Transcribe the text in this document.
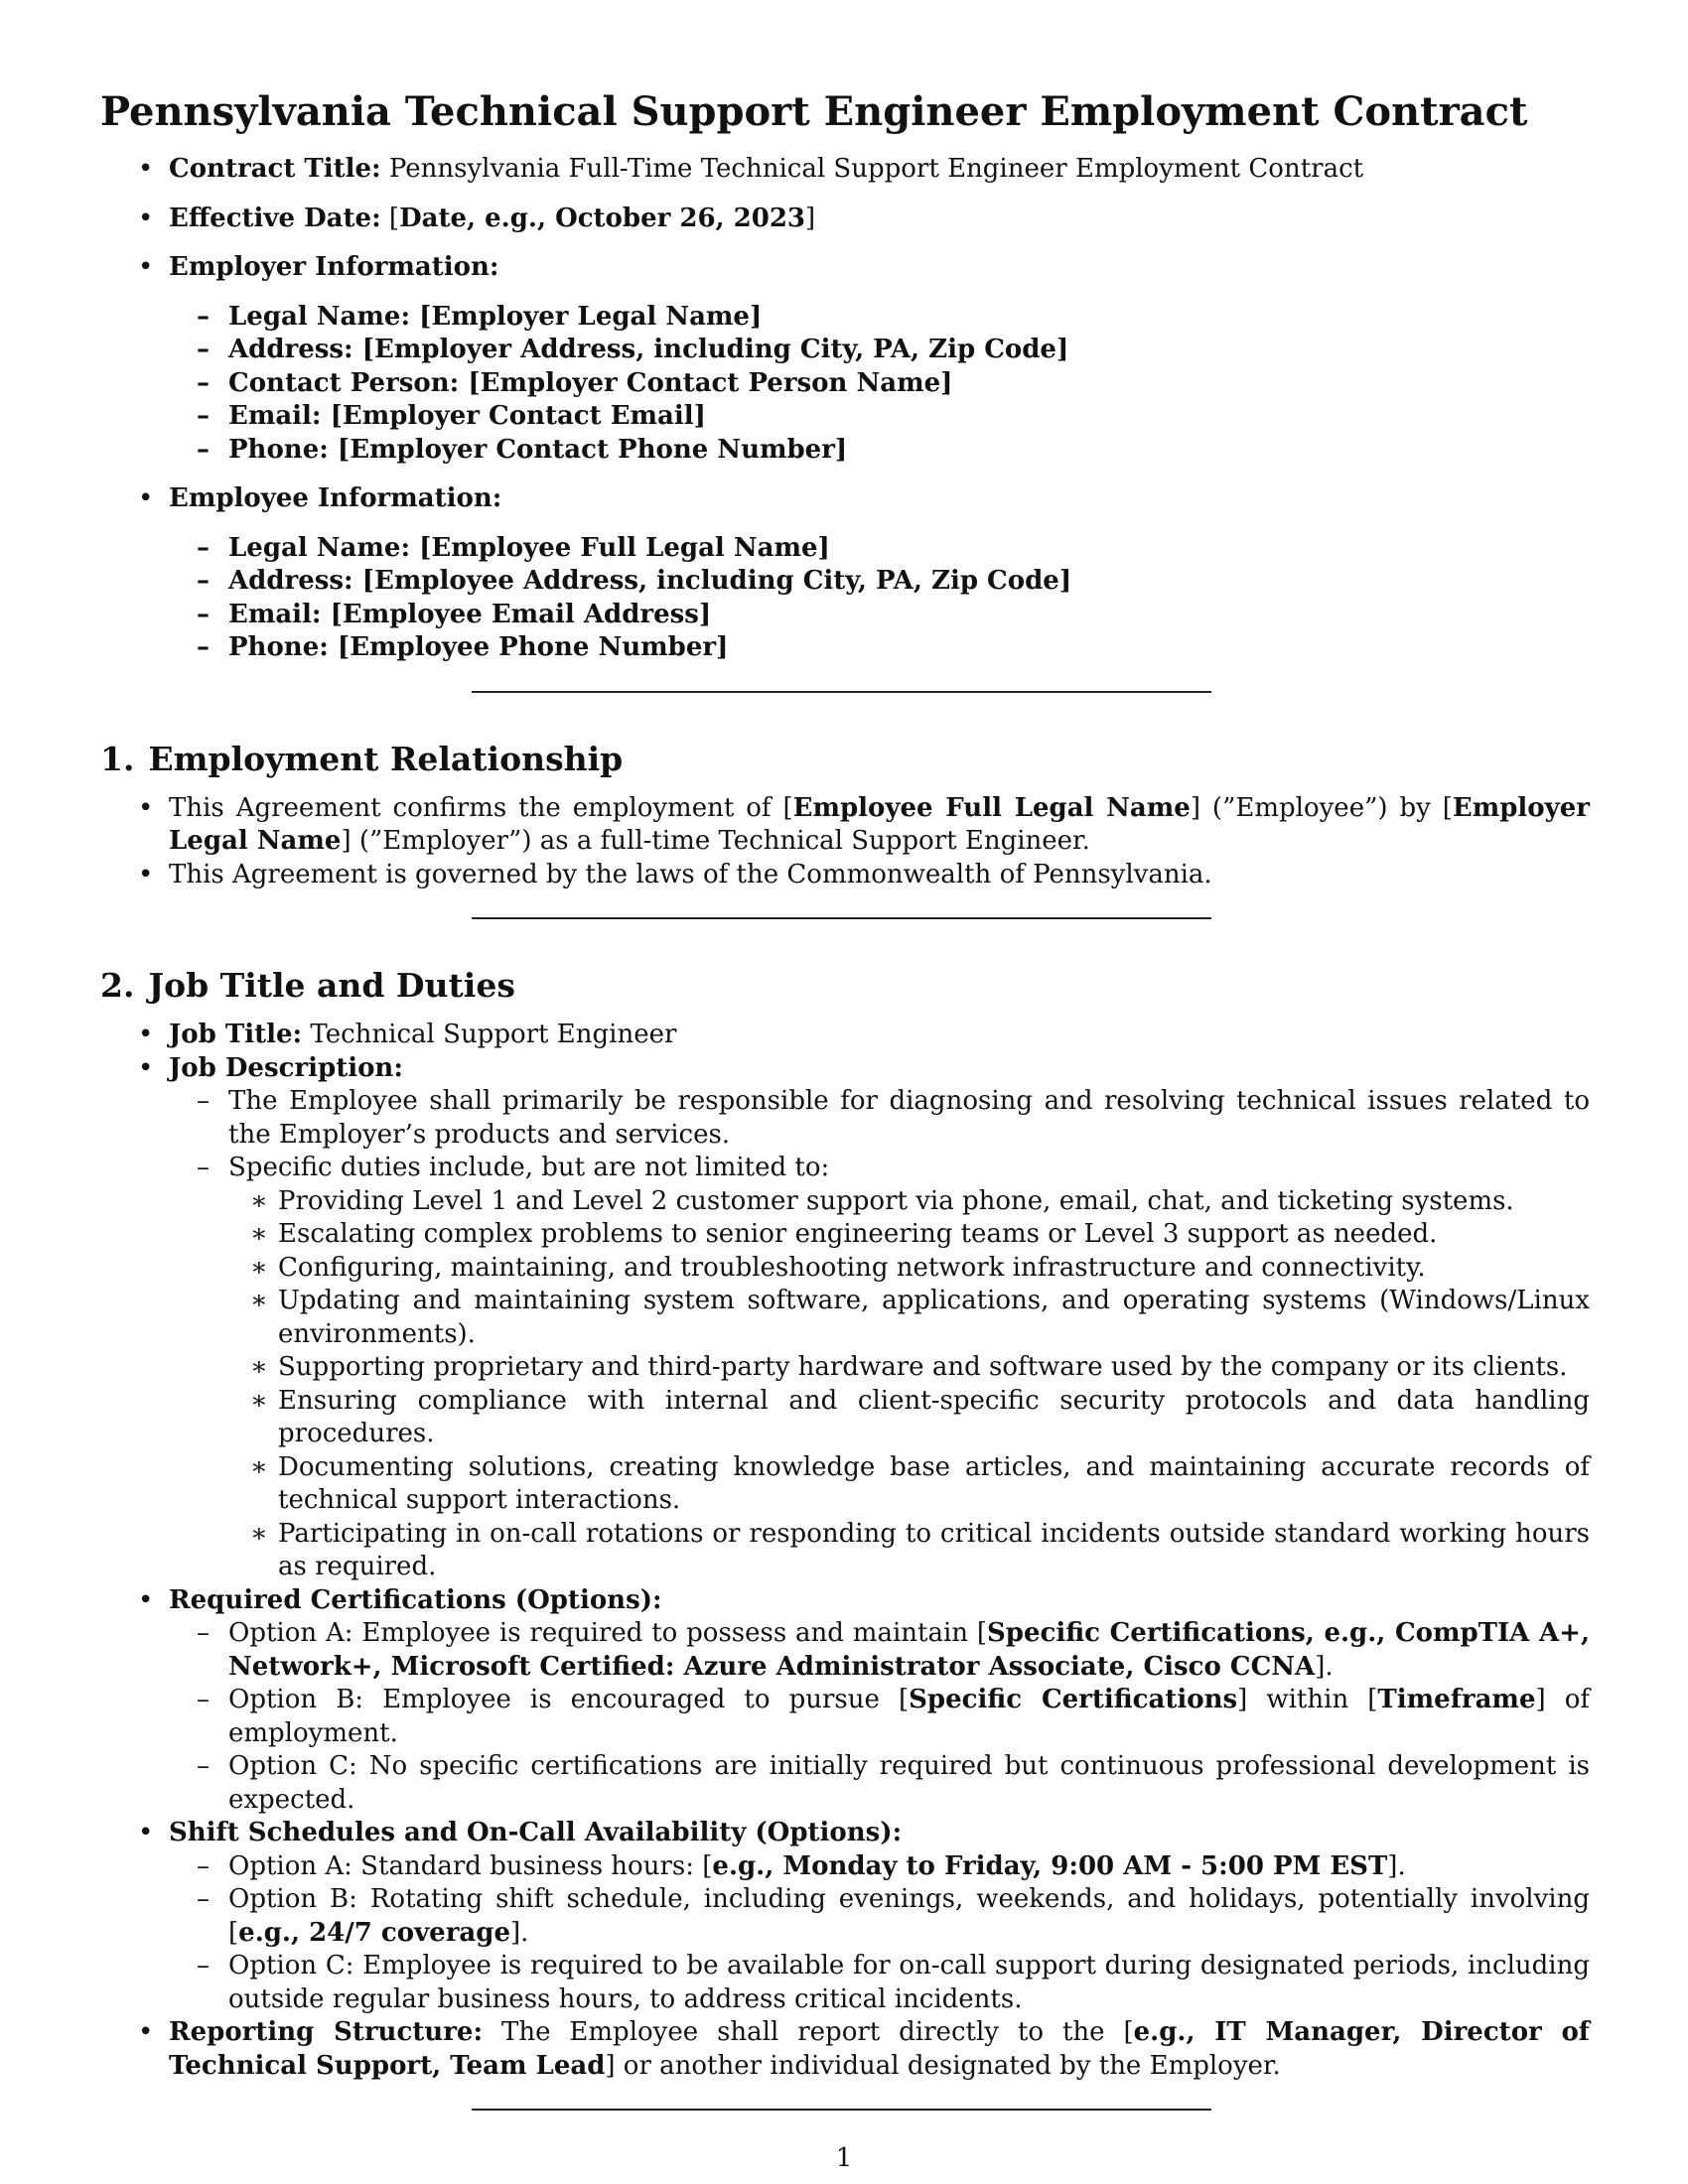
Pennsylvania Technical Support Engineer Employment Contract
• Contract Title: Pennsylvania Full-Time Technical Support Engineer Employment Contract
• Effective Date: [Date, e.g., October 26, 2023]
• Employer Information:
– Legal Name: [Employer Legal Name]
– Address: [Employer Address, including City, PA, Zip Code]
– Contact Person: [Employer Contact Person Name]
– Email: [Employer Contact Email]
– Phone: [Employer Contact Phone Number]
• Employee Information:
– Legal Name: [Employee Full Legal Name]
– Address: [Employee Address, including City, PA, Zip Code]
– Email: [Employee Email Address]
– Phone: [Employee Phone Number]
1. Employment Relationship
• This Agreement confirms the employment of [Employee Full Legal Name] (”Employee”) by [Employer Legal Name] (”Employer”) as a full-time Technical Support Engineer.
• This Agreement is governed by the laws of the Commonwealth of Pennsylvania.
2. Job Title and Duties
• Job Title: Technical Support Engineer
• Job Description:
– The Employee shall primarily be responsible for diagnosing and resolving technical issues related to the Employer’s products and services.
– Specific duties include, but are not limited to:
∗ Providing Level 1 and Level 2 customer support via phone, email, chat, and ticketing systems.
∗ Escalating complex problems to senior engineering teams or Level 3 support as needed.
∗ Configuring, maintaining, and troubleshooting network infrastructure and connectivity.
∗ Updating and maintaining system software, applications, and operating systems (Windows/Linux environments).
∗ Supporting proprietary and third-party hardware and software used by the company or its clients.
∗ Ensuring compliance with internal and client-specific security protocols and data handling procedures.
∗ Documenting solutions, creating knowledge base articles, and maintaining accurate records of technical support interactions.
∗ Participating in on-call rotations or responding to critical incidents outside standard working hours as required.
• Required Certifications (Options):
– Option A: Employee is required to possess and maintain [Specific Certifications, e.g., CompTIA A+, Network+, Microsoft Certified: Azure Administrator Associate, Cisco CCNA].
– Option B: Employee is encouraged to pursue [Specific Certifications] within [Timeframe] of employment.
– Option C: No specific certifications are initially required but continuous professional development is expected.
• Shift Schedules and On-Call Availability (Options):
– Option A: Standard business hours: [e.g., Monday to Friday, 9:00 AM - 5:00 PM EST].
– Option B: Rotating shift schedule, including evenings, weekends, and holidays, potentially involving [e.g., 24/7 coverage].
– Option C: Employee is required to be available for on-call support during designated periods, including outside regular business hours, to address critical incidents.
• Reporting Structure: The Employee shall report directly to the [e.g., IT Manager, Director of Technical Support, Team Lead] or another individual designated by the Employer.
1
